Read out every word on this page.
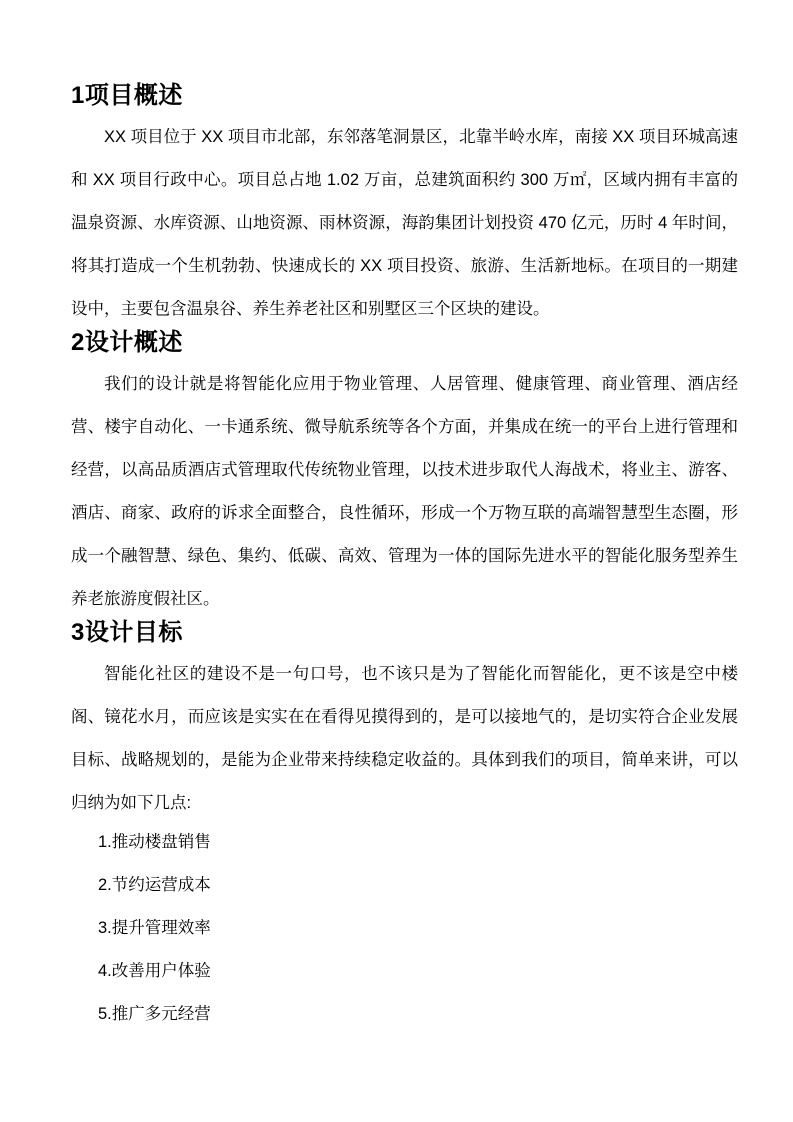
1项目概述

XX 项目位于 XX 项目市北部，东邻落笔洞景区，北靠半岭水库，南接 XX 项目环城高速和 XX 项目行政中心。项目总占地 1.02 万亩，总建筑面积约 300 万㎡，区域内拥有丰富的温泉资源、水库资源、山地资源、雨林资源，海韵集团计划投资 470 亿元，历时 4 年时间，将其打造成一个生机勃勃、快速成长的 XX 项目投资、旅游、生活新地标。在项目的一期建设中，主要包含温泉谷、养生养老社区和别墅区三个区块的建设。

2设计概述

我们的设计就是将智能化应用于物业管理、人居管理、健康管理、商业管理、酒店经营、楼宇自动化、一卡通系统、微导航系统等各个方面，并集成在统一的平台上进行管理和经营，以高品质酒店式管理取代传统物业管理，以技术进步取代人海战术，将业主、游客、酒店、商家、政府的诉求全面整合，良性循环，形成一个万物互联的高端智慧型生态圈，形成一个融智慧、绿色、集约、低碳、高效、管理为一体的国际先进水平的智能化服务型养生养老旅游度假社区。

3设计目标

智能化社区的建设不是一句口号，也不该只是为了智能化而智能化，更不该是空中楼阁、镜花水月，而应该是实实在在看得见摸得到的，是可以接地气的，是切实符合企业发展目标、战略规划的，是能为企业带来持续稳定收益的。具体到我们的项目，简单来讲，可以归纳为如下几点:

1.推动楼盘销售

2.节约运营成本

3.提升管理效率

4.改善用户体验

5.推广多元经营
